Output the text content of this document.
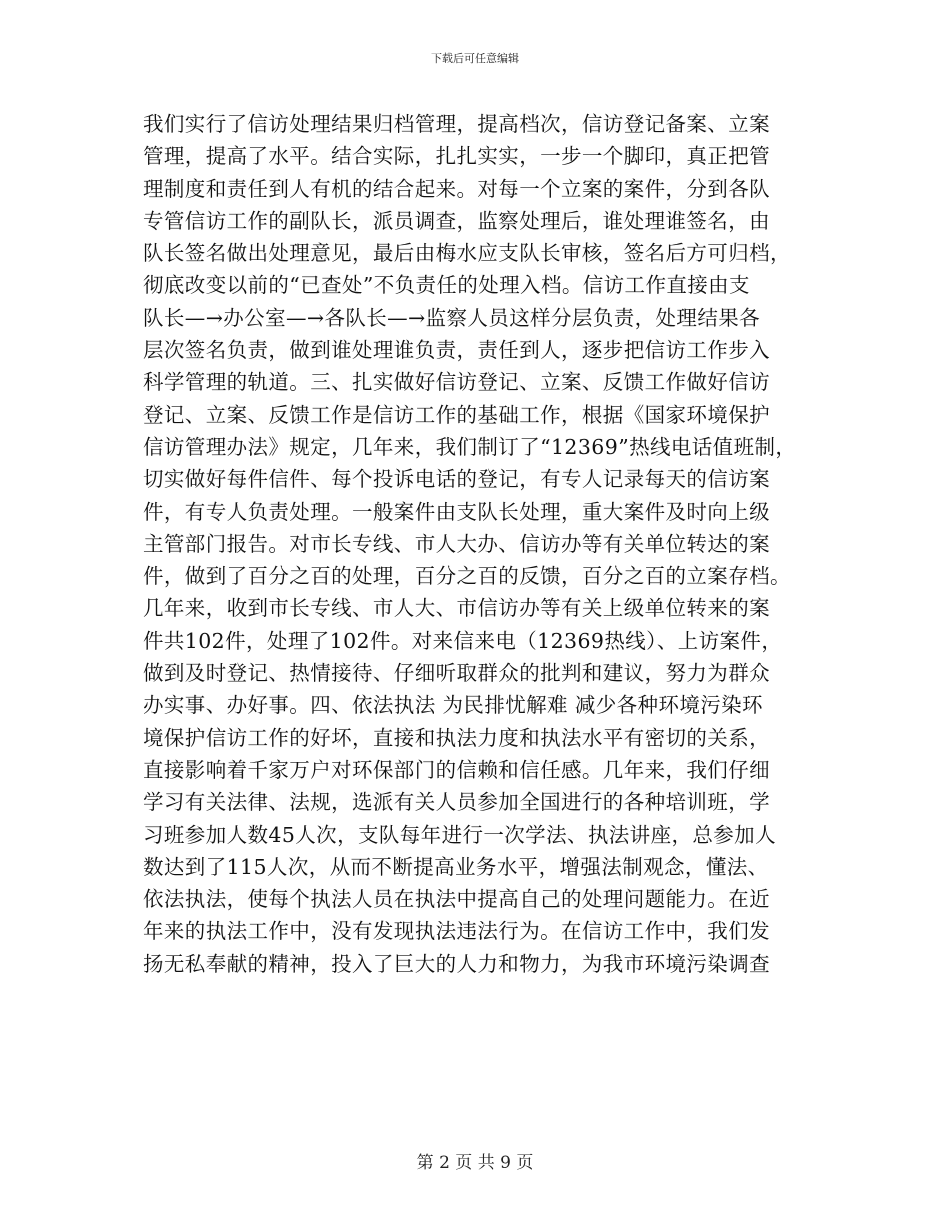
下载后可任意编辑
我们实行了信访处理结果归档管理，提高档次，信访登记备案、立案
管理，提高了水平。结合实际，扎扎实实，一步一个脚印，真正把管
理制度和责任到人有机的结合起来。对每一个立案的案件，分到各队
专管信访工作的副队长，派员调查，监察处理后，谁处理谁签名，由
队长签名做出处理意见，最后由梅水应支队长审核，签名后方可归档，
彻底改变以前的“已查处”不负责任的处理入档。信访工作直接由支
队长—→办公室—→各队长—→监察人员这样分层负责，处理结果各
层次签名负责，做到谁处理谁负责，责任到人，逐步把信访工作步入
科学管理的轨道。三、扎实做好信访登记、立案、反馈工作做好信访
登记、立案、反馈工作是信访工作的基础工作，根据《国家环境保护
信访管理办法》规定，几年来，我们制订了“12369”热线电话值班制，
切实做好每件信件、每个投诉电话的登记，有专人记录每天的信访案
件，有专人负责处理。一般案件由支队长处理，重大案件及时向上级
主管部门报告。对市长专线、市人大办、信访办等有关单位转达的案
件，做到了百分之百的处理，百分之百的反馈，百分之百的立案存档。
几年来，收到市长专线、市人大、市信访办等有关上级单位转来的案
件共102件，处理了102件。对来信来电（12369热线）、上访案件，
做到及时登记、热情接待、仔细听取群众的批判和建议，努力为群众
办实事、办好事。四、依法执法 为民排忧解难 减少各种环境污染环
境保护信访工作的好坏，直接和执法力度和执法水平有密切的关系，
直接影响着千家万户对环保部门的信赖和信任感。几年来，我们仔细
学习有关法律、法规，选派有关人员参加全国进行的各种培训班，学
习班参加人数45人次，支队每年进行一次学法、执法讲座，总参加人
数达到了115人次，从而不断提高业务水平，增强法制观念，懂法、
依法执法，使每个执法人员在执法中提高自己的处理问题能力。在近
年来的执法工作中，没有发现执法违法行为。在信访工作中，我们发
扬无私奉献的精神，投入了巨大的人力和物力，为我市环境污染调查
第 2 页 共 9 页
